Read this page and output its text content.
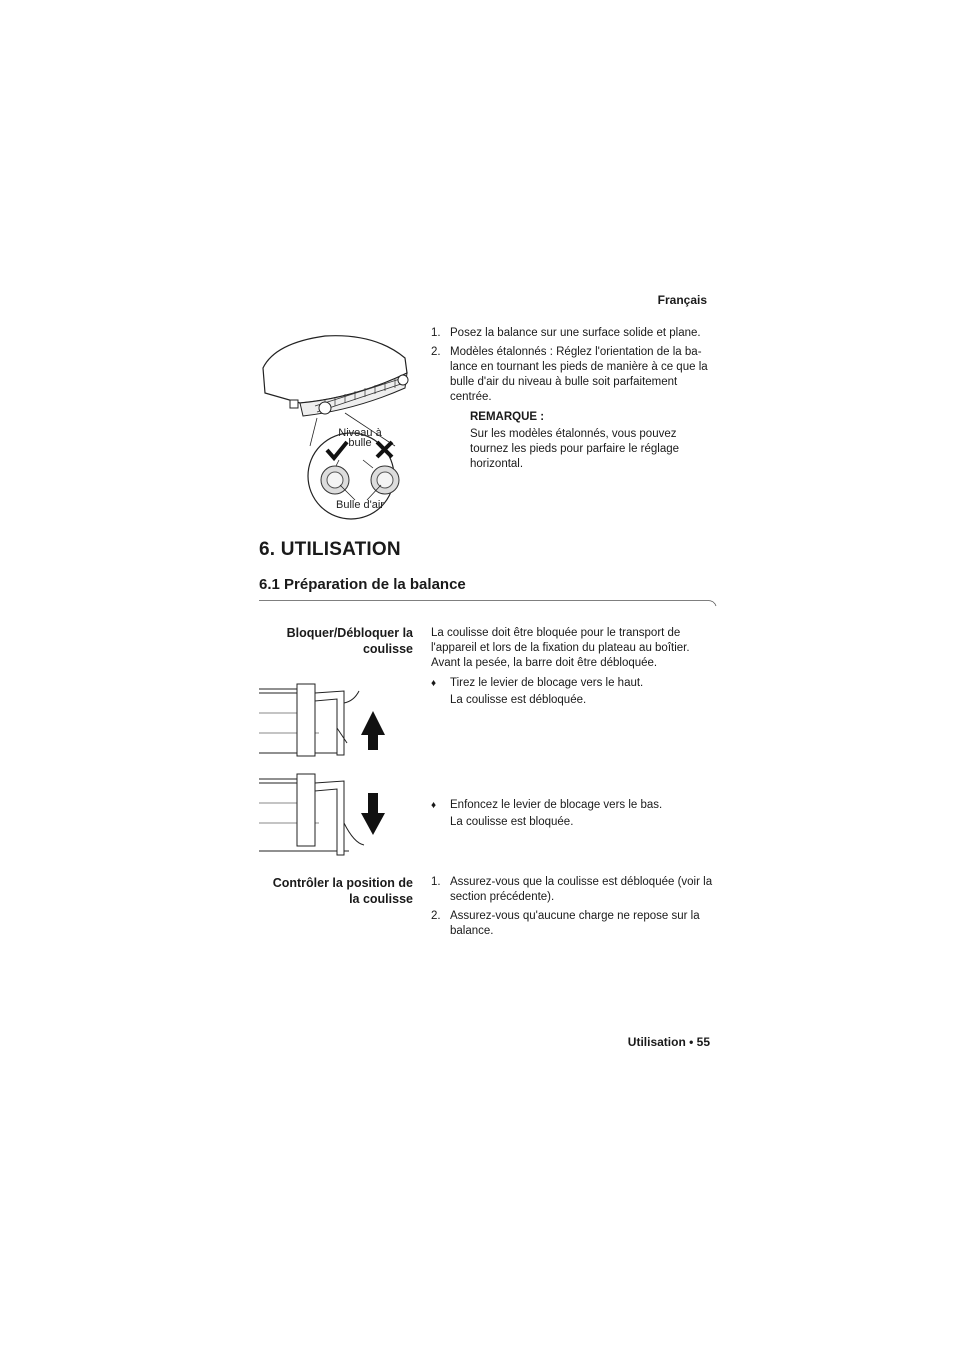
Français
Niveau à
bulle
Bulle d'air
1. Posez la balance sur une surface solide et plane.
2. Modèles étalonnés : Réglez l'orientation de la ba-lance en tournant les pieds de manière à ce que la bulle d'air du niveau à bulle soit parfaitement centrée.
REMARQUE :
Sur les modèles étalonnés, vous pouvez tournez les pieds pour parfaire le réglage horizontal.
6. UTILISATION
6.1 Préparation de la balance
Bloquer/Débloquer la
coulisse
La coulisse doit être bloquée pour le transport de l'appareil et lors de la fixation du plateau au boîtier. Avant la pesée, la barre doit être débloquée.
♦ Tirez le levier de blocage vers le haut.
La coulisse est débloquée.
♦ Enfoncez le levier de blocage vers le bas.
La coulisse est bloquée.
Contrôler la position de
la coulisse
1. Assurez-vous que la coulisse est débloquée (voir la section précédente).
2. Assurez-vous qu'aucune charge ne repose sur la balance.
Utilisation • 55
